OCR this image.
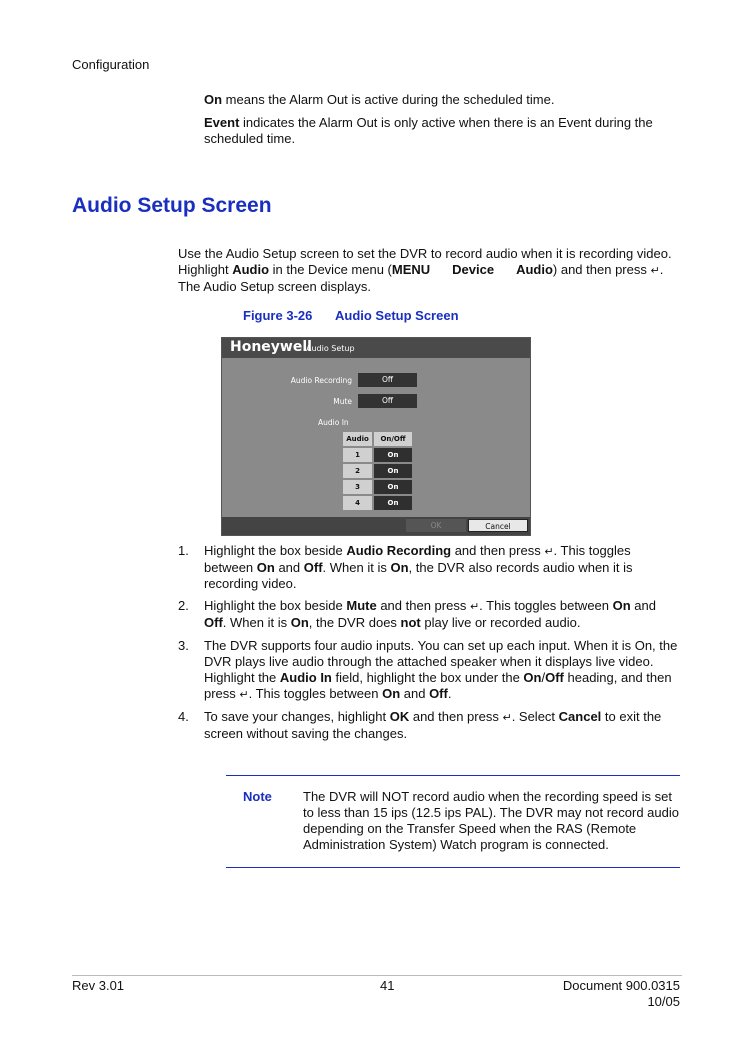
Configuration
On means the Alarm Out is active during the scheduled time.
Event indicates the Alarm Out is only active when there is an Event during the
scheduled time.
Audio Setup Screen
Use the Audio Setup screen to set the DVR to record audio when it is recording video.
Highlight Audio in the Device menu (MENU Device Audio) and then press ↵.
The Audio Setup screen displays.
Figure 3-26 Audio Setup Screen
Honeywell
Audio Setup
Audio Recording	Off
Mute	Off
Audio In
Audio	On/Off
1	On
2	On
3	On
4	On
OK	Cancel
1. Highlight the box beside Audio Recording and then press ↵. This toggles
between On and Off. When it is On, the DVR also records audio when it is
recording video.
2. Highlight the box beside Mute and then press ↵. This toggles between On and
Off. When it is On, the DVR does not play live or recorded audio.
3. The DVR supports four audio inputs. You can set up each input. When it is On, the
DVR plays live audio through the attached speaker when it displays live video.
Highlight the Audio In field, highlight the box under the On/Off heading, and then
press ↵. This toggles between On and Off.
4. To save your changes, highlight OK and then press ↵. Select Cancel to exit the
screen without saving the changes.
Note The DVR will NOT record audio when the recording speed is set
to less than 15 ips (12.5 ips PAL). The DVR may not record audio
depending on the Transfer Speed when the RAS (Remote
Administration System) Watch program is connected.
Rev 3.01	41	Document 900.0315
10/05
